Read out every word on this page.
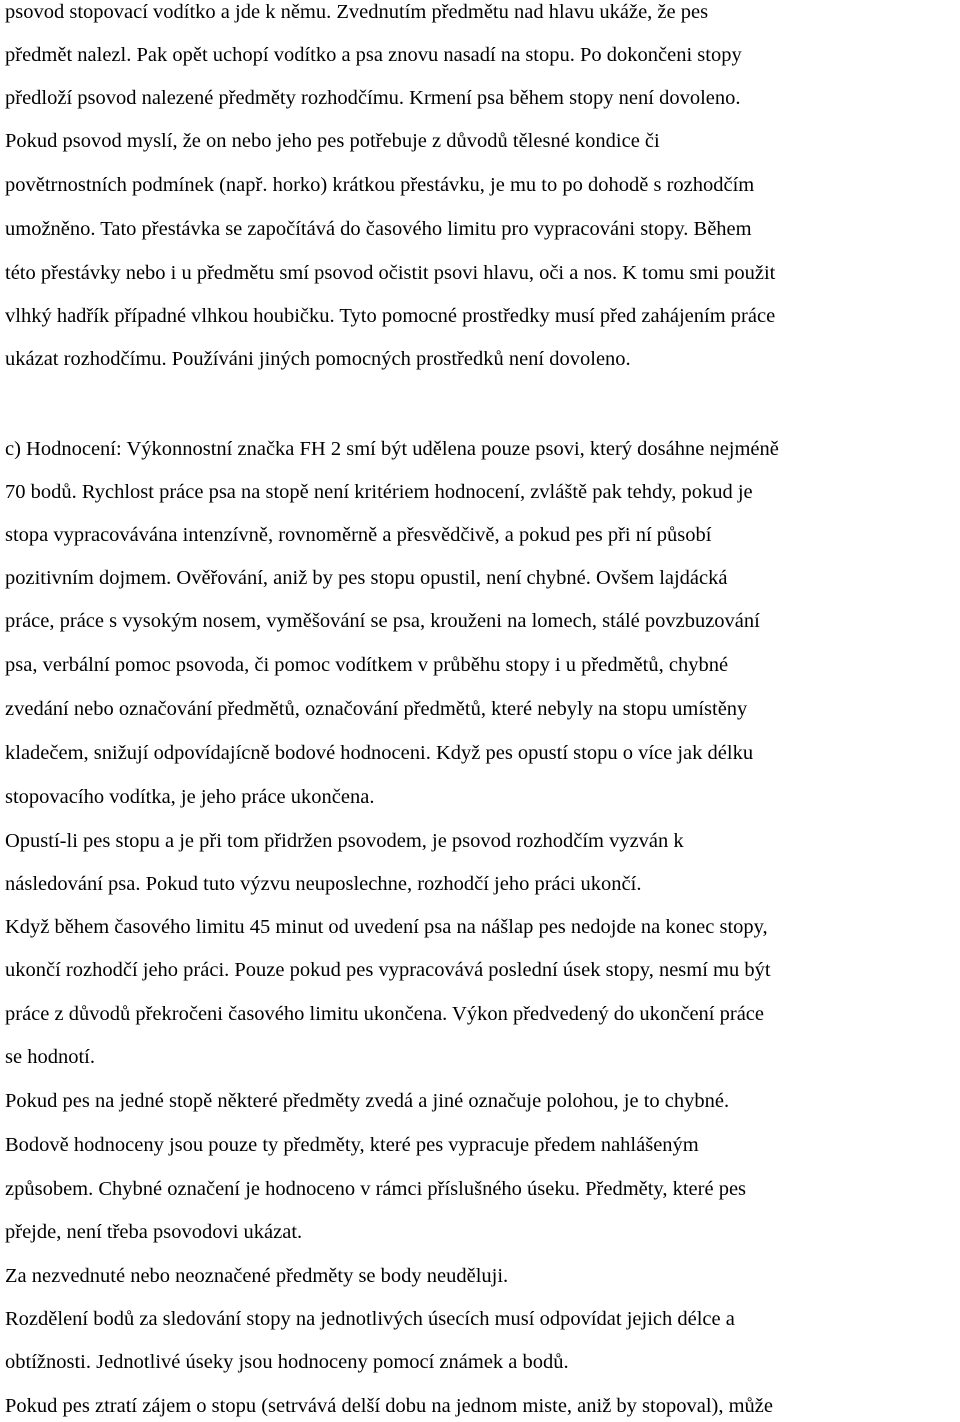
psovod stopovací vodítko a jde k němu. Zvednutím předmětu nad hlavu ukáže, že pes
předmět nalezl. Pak opět uchopí vodítko a psa znovu nasadí na stopu. Po dokončeni stopy
předloží psovod nalezené předměty rozhodčímu. Krmení psa během stopy není dovoleno.
Pokud psovod myslí, že on nebo jeho pes potřebuje z důvodů tělesné kondice či
povětrnostních podmínek (např. horko) krátkou přestávku, je mu to po dohodě s rozhodčím
umožněno. Tato přestávka se započítává do časového limitu pro vypracováni stopy. Během
této přestávky nebo i u předmětu smí psovod očistit psovi hlavu, oči a nos. K tomu smi použit
vlhký hadřík případné vlhkou houbičku. Tyto pomocné prostředky musí před zahájením práce
ukázat rozhodčímu. Používáni jiných pomocných prostředků není dovoleno.
c) Hodnocení: Výkonnostní značka FH 2 smí být udělena pouze psovi, který dosáhne nejméně
70 bodů. Rychlost práce psa na stopě není kritériem hodnocení, zvláště pak tehdy, pokud je
stopa vypracovávána intenzívně, rovnoměrně a přesvědčivě, a pokud pes při ní působí
pozitivním dojmem. Ověřování, aniž by pes stopu opustil, není chybné. Ovšem lajdácká
práce, práce s vysokým nosem, vyměšování se psa, krouženi na lomech, stálé povzbuzování
psa, verbální pomoc psovoda, či pomoc vodítkem v průběhu stopy i u předmětů, chybné
zvedání nebo označování předmětů, označování předmětů, které nebyly na stopu umístěny
kladečem, snižují odpovídajícně bodové hodnoceni. Když pes opustí stopu o více jak délku
stopovacího vodítka, je jeho práce ukončena.
Opustí-li pes stopu a je při tom přidržen psovodem, je psovod rozhodčím vyzván k
následování psa. Pokud tuto výzvu neuposlechne, rozhodčí jeho práci ukončí.
Když během časového limitu 45 minut od uvedení psa na nášlap pes nedojde na konec stopy,
ukončí rozhodčí jeho práci. Pouze pokud pes vypracovává poslední úsek stopy, nesmí mu být
práce z důvodů překročeni časového limitu ukončena. Výkon předvedený do ukončení práce
se hodnotí.
Pokud pes na jedné stopě některé předměty zvedá a jiné označuje polohou, je to chybné.
Bodově hodnoceny jsou pouze ty předměty, které pes vypracuje předem nahlášeným
způsobem. Chybné označení je hodnoceno v rámci příslušného úseku. Předměty, které pes
přejde, není třeba psovodovi ukázat.
Za nezvednuté nebo neoznačené předměty se body neuděluji.
Rozdělení bodů za sledování stopy na jednotlivých úsecích musí odpovídat jejich délce a
obtížnosti. Jednotlivé úseky jsou hodnoceny pomocí známek a bodů.
Pokud pes ztratí zájem o stopu (setrvává delší dobu na jednom miste, aniž by stopoval), může
